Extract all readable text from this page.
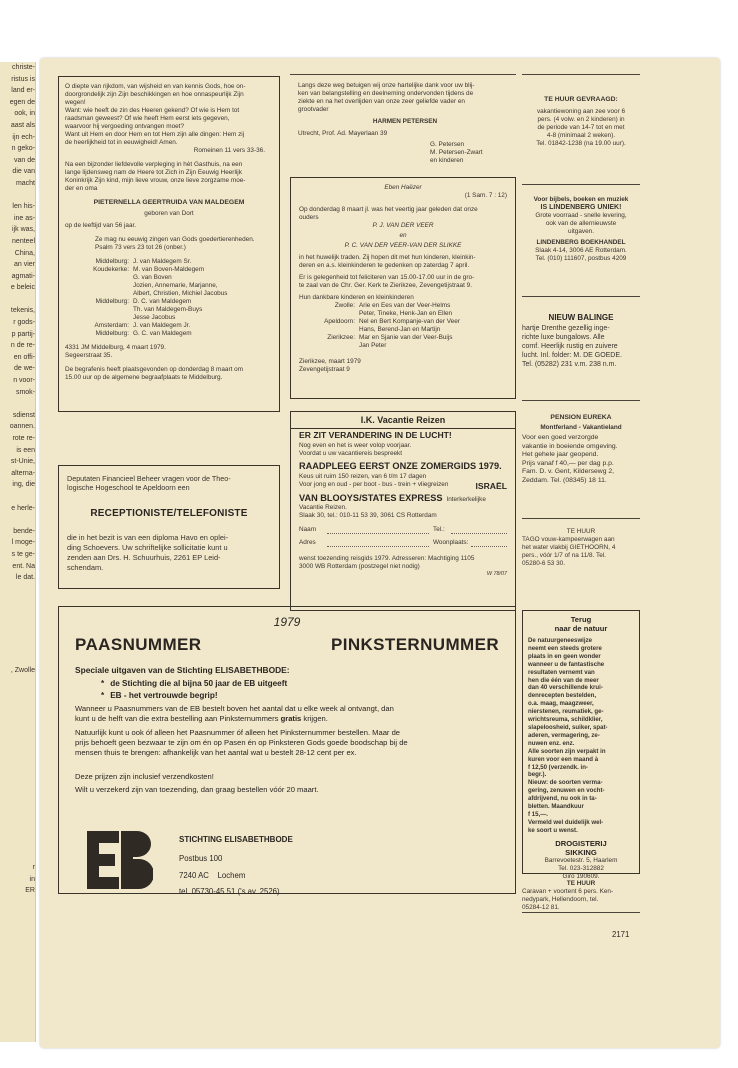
christe-
ristus is
land er-
egen de
ook, in
aast als
ijn ech-
n geko-
van de
die van
macht

len his-
ine as-
ijk was,
nenteel
China,
an vier
agmati-
e beleic

tekenis,
r gods-
p partij-
n de re-
en offi-
de we-
n voor-
smok-

sdienst
oannen.
rote re-
is een
st-Unie,
alterna-
ing, die

e herle-

bende-
l moge-
s te ge-
ent. Na
le dat.

, Zwolle

r
in
ER
O diepte van rijkdom, van wijsheid en van kennis Gods, hoe on-
doorgrondelijk zijn Zijn beschikkingen en hoe onnaspeurlijk Zijn
wegen!
Want: wie heeft de zin des Heeren gekend? Of wie is Hem tot
raadsman geweest? Of wie heeft Hem eerst iets gegeven,
waarvoor hij vergoeding ontvangen moet?
Want uit Hem en door Hem en tot Hem zijn alle dingen: Hem zij
de heerlijkheid tot in eeuwigheid! Amen.
Romeinen 11 vers 33-36.
Na een bijzonder liefdevolle verpleging in hèt Gasthuis, na een
lange lijdensweg nam de Heere tot Zich in Zijn Eeuwig Heerlijk
Koninkrijk Zijn kind, mijn lieve vrouw, onze lieve zorgzame moe-
der en oma
PIETERNELLA GEERTRUIDA VAN MALDEGEM
geboren van Dort
op de leeftijd van 56 jaar.
Ze mag nu eeuwig zingen van Gods goedertierenheden.
Psalm 73 vers 23 tot 26 (onber.)
Middelburg: J. van Maldegem Sr.
Koudekerke: M. van Boven-Maldegem
G. van Boven
Jozien, Annemarie, Marjanne,
Albert, Christien, Michiel Jacobus
Middelburg: D. C. van Maldegem
Th. van Maldegem-Buys
Jesse Jacobus
Amsterdam: J. van Maldegem Jr.
Middelburg: G. C. van Maldegem
4331 JM Middelburg, 4 maart 1979.
Segeerstraat 35.
De begrafenis heeft plaatsgevonden op donderdag 8 maart om
15.00 uur op de algemene begraafplaats te Middelburg.
Langs deze weg betuigen wij onze hartelijke dank voor uw blij-
ken van belangstelling en deelneming ondervonden tijdens de
ziekte en na het overlijden van onze zeer geliefde vader en
grootvader
HARMEN PETERSEN
Utrecht, Prof. Ad. Mayerlaan 39
G. Petersen
M. Petersen-Zwart
en kinderen
Eben Haëzer
(1 Sam. 7 : 12)
Op donderdag 8 maart jl. was het veertig jaar geleden dat onze
ouders
P. J. VAN DER VEER
en
P. C. VAN DER VEER-VAN DER SLIKKE
in het huwelijk traden. Zij hopen dit met hun kinderen, kleinkin-
deren en a.s. kleinkinderen te gedenken op zaterdag 7 april.
Er is gelegenheid tot feliciteren van 15.00-17.00 uur in de gro-
te zaal van de Chr. Ger. Kerk te Zierikzee, Zevengetijstraat 9.
Hun dankbare kinderen en kleinkinderen
Zwolle: Arie en Ees van der Veer-Helms
Peter, Tineke, Henk-Jan en Ellen
Apeldoorn: Nel en Bert Kompanje-van der Veer
Hans, Berend-Jan en Martijn
Zierikzee: Mar en Sjanie van der Veer-Buijs
Jan Peter
Zierikzee, maart 1979
Zevengetijstraat 9
Deputaten Financieel Beheer vragen voor de Theo-
logische Hogeschool te Apeldoorn een
RECEPTIONISTE/TELEFONISTE
die in het bezit is van een diploma Havo en oplei-
ding Schoevers. Uw schriftelijke sollicitatie kunt u
zenden aan Drs. H. Schuurhuis, 2261 EP Leid-
schendam.
I.K. Vacantie Reizen
ER ZIT VERANDERING IN DE LUCHT!
Nog even en het is weer volop voorjaar.
Voordat u uw vacantiereis bespreekt
RAADPLEEG EERST ONZE ZOMERGIDS 1979.
Keus uit ruim 150 reizen, van 6 t/m 17 dagen
Voor jong en oud - per boot - bus - trein + vliegreizen	ISRAËL
VAN BLOOYS/STATES EXPRESS Interkerkelijke
Vacantie Reizen.
Slaak 30, tel.: 010-11 53 39, 3061 CS Rotterdam
Naam	Tel.:
Adres	Woonplaats:
wenst toezending reisgids 1979. Adresseren: Machtiging 1105
3000 WB Rotterdam (postzegel niet nodig)
W 78/07
TE HUUR GEVRAAGD:
vakantiewoning aan zee voor 6
pers. (4 volw. en 2 kinderen) in
de periode van 14-7 tot en met
4-8 (minimaal 2 weken).
Tel. 01842-1238 (na 19.00 uur).
Voor bijbels, boeken en muziek
IS LINDENBERG UNIEK!
Grote voorraad - snelle levering,
ook van de allernieuwste
uitgaven.
LINDENBERG BOEKHANDEL
Slaak 4-14, 3006 AE Rotterdam.
Tel. (010) 111607, postbus 4209
NIEUW BALINGE
hartje Drenthe gezellig inge-
richte luxe bungalows. Alle
comf. Heerlijk rustig en zuivere
lucht. Inl. folder: M. DE GOEDE.
Tel. (05282) 231 v.m. 238 n.m.
PENSION EUREKA
Montferland - Vakantieland
Voor een goed verzorgde
vakantie in boeiende omgeving.
Het gehele jaar geopend.
Prijs vanaf f 40,— per dag p.p.
Fam. D. v. Gent, Kildersewg 2,
Zeddam. Tel. (08345) 18 11.
TE HUUR
TAGO vouw-kampeerwagen aan
het water vlakbij GIETHOORN, 4
pers., vóór 1/7 of na 11/8. Tel.
05280-6 53 30.
Terug
naar de natuur
De natuurgeneeswijze
neemt een steeds grotere
plaats in en geen wonder
wanneer u de fantastische
resultaten vernemt van
hen die één van de meer
dan 40 verschillende krui-
denrecepten bestelden,
o.a. maag, maagzweer,
nierstenen, reumatiek, ge-
wrichtsreuma, schildklier,
slapeloosheid, suiker, spat-
aderen, vermagering, ze-
nuwen enz. enz.
Alle soorten zijn verpakt in
kuren voor een maand à
f 12,50 (verzendk. in-
begr.).
Nieuw: de soorten verma-
gering, zenuwen en vocht-
afdrijvend, nu ook in ta-
bletten. Maandkuur
f 15,—.
Vermeld wel duidelijk wel-
ke soort u wenst.
DROGISTERIJ
SIKKING
Barrevoetestr. 5, Haarlem
Tel. 023-312882
Giro 190609.
TE HUUR
Caravan + voortent 6 pers. Ken-
nedypark, Hellendoorn, tel.
05284-12 81.
1979
PAASNUMMER	PINKSTERNUMMER
Speciale uitgaven van de Stichting ELISABETHBODE:
* de Stichting die al bijna 50 jaar de EB uitgeeft
* EB - het vertrouwde begrip!
Wanneer u Paasnummers van de EB bestelt boven het aantal dat u elke week al ontvangt, dan
kunt u de helft van die extra bestelling aan Pinksternummers gratis krijgen.
Natuurlijk kunt u ook óf alleen het Paasnummer óf alleen het Pinksternummer bestellen. Maar de
prijs behoeft geen bezwaar te zijn om én op Pasen én op Pinksteren Gods goede boodschap bij de
mensen thuis te brengen: afhankelijk van het aantal wat u bestelt 28-12 cent per ex.
Deze prijzen zijn inclusief verzendkosten!
Wilt u verzekerd zijn van toezending, dan graag bestellen vóór 20 maart.
STICHTING ELISABETHBODE
Postbus 100
7240 AC    Lochem
tel. 05730-45 51 ('s av. 2526)
2171
